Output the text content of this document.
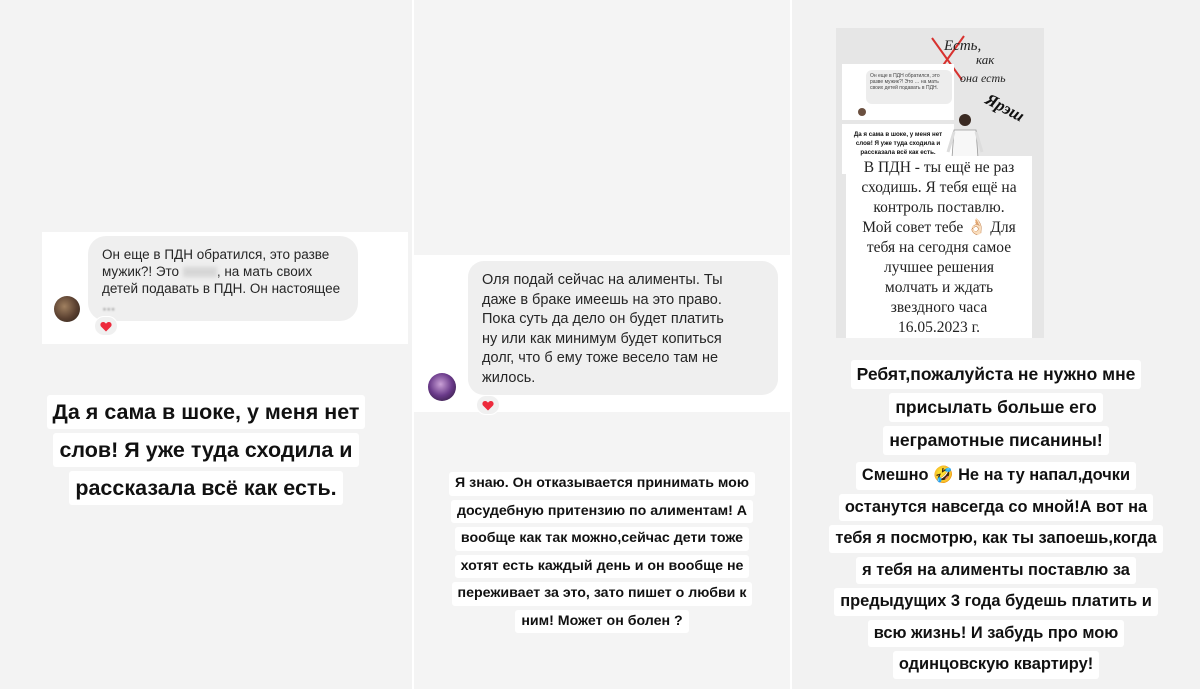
Он еще в ПДН обратился, это разве
мужик?! Это	, на мать своих
детей подавать в ПДН. Он настоящее
…
Да я сама в шоке, у меня нет
слов! Я уже туда сходила и
рассказала всё как есть.
Оля подай сейчас на алименты. Ты
даже в браке имеешь на это право.
Пока суть да дело он будет платить
ну или как минимум будет копиться
долг, что б ему тоже весело там не
жилось.
Я знаю. Он отказывается принимать мою
досудебную притензию по алиментам! А
вообще как так можно,сейчас дети тоже
хотят есть каждый день и он вообще не
переживает за это, зато пишет о любви к
ним! Может он болен ?
Есть,
как
она есть
Он еще в ПДН обратился, это разве мужик?! Это … на мать своих детей подавать в ПДН.
Да я сама в шоке, у меня нет
слов! Я уже туда сходила и
рассказала всё как есть.
Ярэш
В ПДН - ты ещё не раз
сходишь. Я тебя ещё на
контроль поставлю.
Мой совет тебе 👌🏻 Для
тебя на сегодня самое
лучшее решения
молчать и ждать
звездного часа
16.05.2023 г.
Ребят,пожалуйста не нужно мне
присылать больше его
неграмотные писанины!
Смешно 🤣 Не на ту напал,дочки
останутся навсегда со мной!А вот на
тебя я посмотрю, как ты запоешь,когда
я тебя на алименты поставлю за
предыдущих 3 года будешь платить и
всю жизнь! И забудь про мою
одинцовскую квартиру!
